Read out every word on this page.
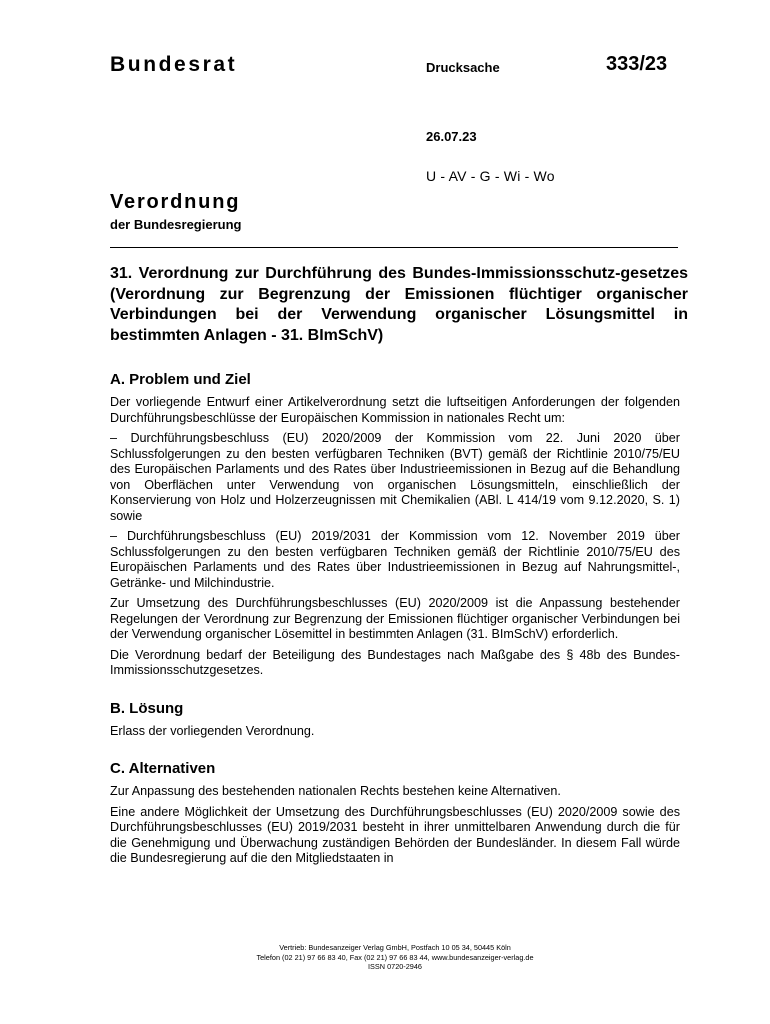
Bundesrat	Drucksache	333/23
26.07.23
U - AV - G - Wi - Wo
Verordnung
der Bundesregierung
31. Verordnung zur Durchführung des Bundes-Immissionsschutz-gesetzes (Verordnung zur Begrenzung der Emissionen flüchtiger organischer Verbindungen bei der Verwendung organischer Lösungsmittel in bestimmten Anlagen - 31. BImSchV)
A. Problem und Ziel

Der vorliegende Entwurf einer Artikelverordnung setzt die luftseitigen Anforderungen der folgenden Durchführungsbeschlüsse der Europäischen Kommission in nationales Recht um:

– Durchführungsbeschluss (EU) 2020/2009 der Kommission vom 22. Juni 2020 über Schlussfolgerungen zu den besten verfügbaren Techniken (BVT) gemäß der Richtlinie 2010/75/EU des Europäischen Parlaments und des Rates über Industrieemissionen in Bezug auf die Behandlung von Oberflächen unter Verwendung von organischen Lösungsmitteln, einschließlich der Konservierung von Holz und Holzerzeugnissen mit Chemikalien (ABl. L 414/19 vom 9.12.2020, S. 1) sowie

– Durchführungsbeschluss (EU) 2019/2031 der Kommission vom 12. November 2019 über Schlussfolgerungen zu den besten verfügbaren Techniken gemäß der Richtlinie 2010/75/EU des Europäischen Parlaments und des Rates über Industrieemissionen in Bezug auf Nahrungsmittel-, Getränke- und Milchindustrie.

Zur Umsetzung des Durchführungsbeschlusses (EU) 2020/2009 ist die Anpassung bestehender Regelungen der Verordnung zur Begrenzung der Emissionen flüchtiger organischer Verbindungen bei der Verwendung organischer Lösemittel in bestimmten Anlagen (31. BImSchV) erforderlich.

Die Verordnung bedarf der Beteiligung des Bundestages nach Maßgabe des § 48b des Bundes-Immissionsschutzgesetzes.

B. Lösung

Erlass der vorliegenden Verordnung.

C. Alternativen

Zur Anpassung des bestehenden nationalen Rechts bestehen keine Alternativen.

Eine andere Möglichkeit der Umsetzung des Durchführungsbeschlusses (EU) 2020/2009 sowie des Durchführungsbeschlusses (EU) 2019/2031 besteht in ihrer unmittelbaren Anwendung durch die für die Genehmigung und Überwachung zuständigen Behörden der Bundesländer. In diesem Fall würde die Bundesregierung auf die den Mitgliedstaaten in

Vertrieb: Bundesanzeiger Verlag GmbH, Postfach 10 05 34, 50445 Köln
Telefon (02 21) 97 66 83 40, Fax (02 21) 97 66 83 44, www.bundesanzeiger-verlag.de
ISSN 0720-2946
